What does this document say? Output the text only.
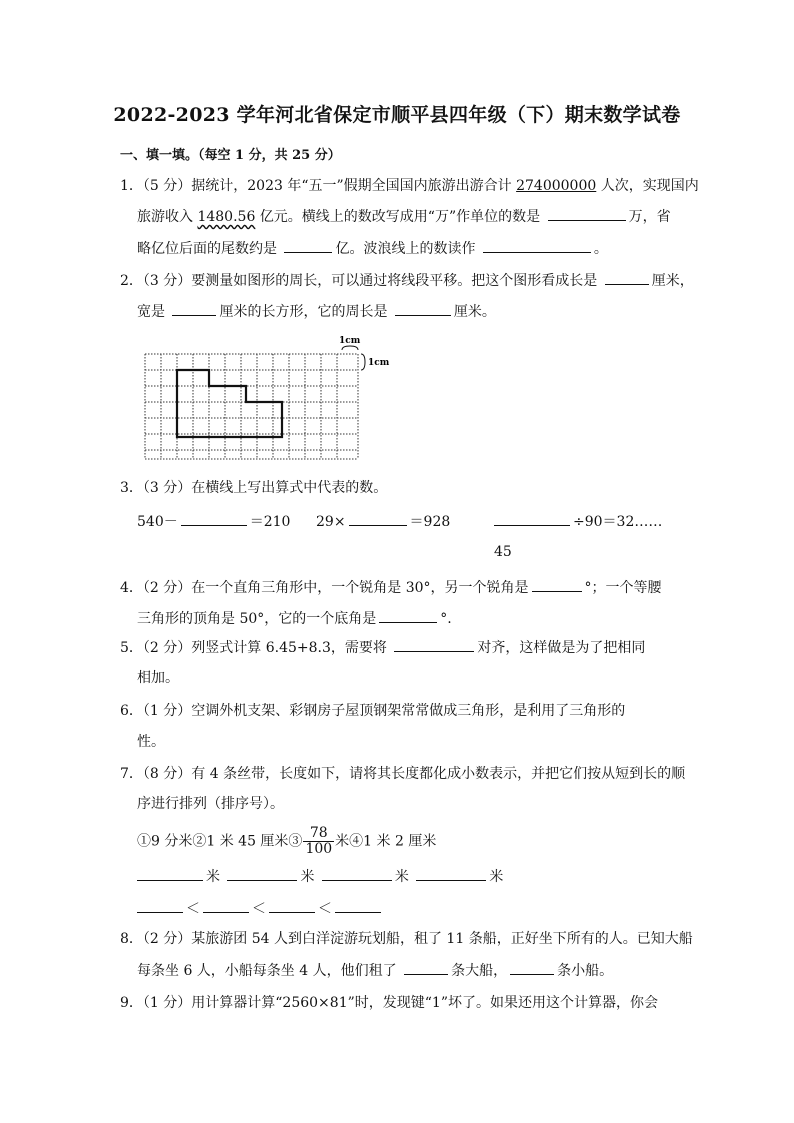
2022-2023 学年河北省保定市顺平县四年级（下）期末数学试卷
一、填一填。（每空 1 分，共 25 分）
1．（5 分）据统计，2023 年“五一”假期全国国内旅游出游合计 274000000 人次，实现国内
旅游收入 1480.56 亿元。横线上的数改写成用“万”作单位的数是	万，省
略亿位后面的尾数约是	亿。波浪线上的数读作	。
2．（3 分）要测量如图形的周长，可以通过将线段平移。把这个图形看成长是	厘米，
宽是	厘米的长方形，它的周长是	厘米。
1cm
1cm
3．（3 分）在横线上写出算式中代表的数。
540－	＝210 29×	＝928	÷90＝32……
45
4．（2 分）在一个直角三角形中，一个锐角是 30°，另一个锐角是	°；一个等腰
三角形的顶角是 50°，它的一个底角是	°.
5．（2 分）列竖式计算 6.45+8.3，需要将	对齐，这样做是为了把相同
相加。
6．（1 分）空调外机支架、彩钢房子屋顶钢架常常做成三角形，是利用了三角形的
性。
7．（8 分）有 4 条丝带，长度如下，请将其长度都化成小数表示，并把它们按从短到长的顺
序进行排列（排序号）。
①9 分米②1 米 45 厘米③ $\frac{78}{100}$ 米④1 米 2 厘米
米	米	米	米
＜	＜	＜
8．（2 分）某旅游团 54 人到白洋淀游玩划船，租了 11 条船，正好坐下所有的人。已知大船
每条坐 6 人，小船每条坐 4 人，他们租了	条大船，	条小船。
9．（1 分）用计算器计算“2560×81”时，发现键“1”坏了。如果还用这个计算器，你会
